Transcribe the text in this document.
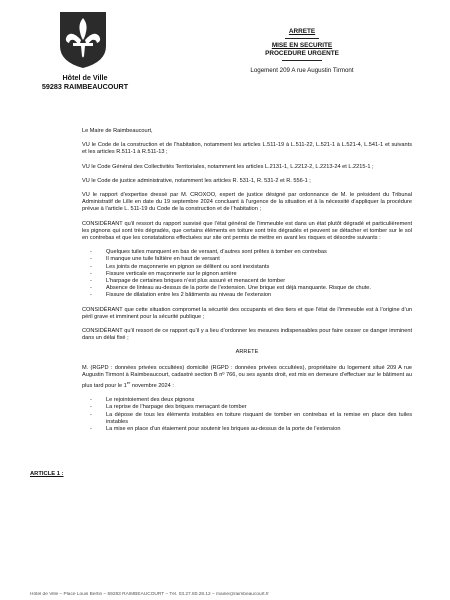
Hôtel de Ville
59283 RAIMBEAUCOURT
ARRETE
MISE EN SECURITE
PROCEDURE URGENTE
Logement 209 A rue Augustin Tirmont

Le Maire de Raimbeaucourt,

VU le Code de la construction et de l’habitation, notamment les articles L.511-19 à L.511-22, L.521-1 à L.521-4, L.541-1 et suivants et les articles R.511-1 à R.511-13 ;

VU le Code Général des Collectivités Territoriales, notamment les articles L.2131-1, L.2212-2, L.2213-24 et L.2215-1 ;

VU le Code de justice administrative, notamment les articles R. 531-1, R. 531-2 et R. 556-1 ;

VU le rapport d’expertise dressé par M. CROXOO, expert de justice désigné par ordonnance de M. le président du Tribunal Administratif de Lille en date du 19 septembre 2024 concluant à l’urgence de la situation et à la nécessité d’appliquer la procédure prévue à l’article L. 511-19 du Code de la construction et de l’habitation ;

CONSIDÉRANT qu’il ressort du rapport susvisé que l’état général de l’immeuble est dans un état plutôt dégradé et particulièrement les pignons qui sont très dégradés, que certains éléments en toiture sont très dégradés et peuvent se détacher et tomber sur le sol en contrebas et que les constatations effectuées sur site ont permis de mettre en avant les risques et désordre suivants :

- Quelques tuiles manquent en bas de versant, d’autres sont prêtes à tomber en contrebas
- Il manque une tuile faîtière en haut de versant
- Les joints de maçonnerie en pignon se délitent ou sont inexistants
- Fissure verticale en maçonnerie sur le pignon arrière
- L’harpage de certaines briques n’est plus assuré et menacent de tomber
- Absence de linteau au-dessus de la porte de l’extension. Une brique est déjà manquante. Risque de chute.
- Fissure de dilatation entre les 2 bâtiments au niveau de l’extension

CONSIDÉRANT que cette situation compromet la sécurité des occupants et des tiers et que l’état de l’immeuble est à l’origine d’un péril grave et imminent pour la sécurité publique ;

CONSIDÉRANT qu’il ressort de ce rapport qu’il y a lieu d’ordonner les mesures indispensables pour faire cesser ce danger imminent dans un délai fixé ;

ARRETE

M. (RGPD : données privées occultées) domicilié (RGPD : données privées occultées), propriétaire du logement situé 209 A rue Augustin Tirmont à Raimbeaucourt, cadastré section B nº 766, ou ses ayants droit, est mis en demeure d’effectuer sur le bâtiment au plus tard pour le 1er novembre 2024 :

- Le rejointoiement des deux pignons
- La reprise de l’harpage des briques menaçant de tomber
- La dépose de tous les éléments instables en toiture risquant de tomber en contrebas et la remise en place des tuiles instables
- La mise en place d’un étaiement pour soutenir les briques au-dessus de la porte de l’extension
ARTICLE 1 :
Hôtel de Ville – Place Louis Bertin – 59283 RAIMBEAUCOURT – Tél. 03.27.80.28.12 – mairie@raimbeaucourt.fr
